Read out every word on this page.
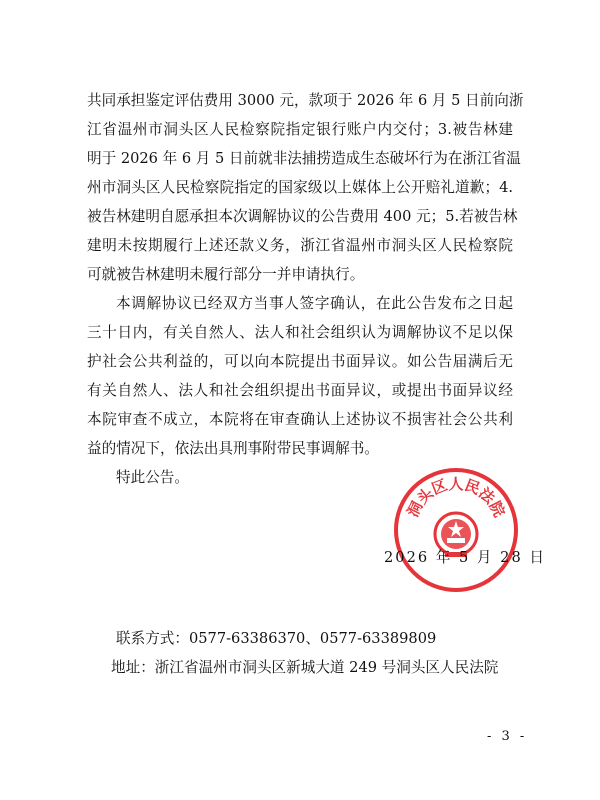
共同承担鉴定评估费用 3000 元，款项于 2026 年 6 月 5 日前向浙
江省温州市洞头区人民检察院指定银行账户内交付；3.被告林建
明于 2026 年 6 月 5 日前就非法捕捞造成生态破坏行为在浙江省温
州市洞头区人民检察院指定的国家级以上媒体上公开赔礼道歉；4.
被告林建明自愿承担本次调解协议的公告费用 400 元；5.若被告林
建明未按期履行上述还款义务，浙江省温州市洞头区人民检察院
可就被告林建明未履行部分一并申请执行。
本调解协议已经双方当事人签字确认，在此公告发布之日起
三十日内，有关自然人、法人和社会组织认为调解协议不足以保
护社会公共利益的，可以向本院提出书面异议。如公告届满后无
有关自然人、法人和社会组织提出书面异议，或提出书面异议经
本院审查不成立，本院将在审查确认上述协议不损害社会公共利
益的情况下，依法出具刑事附带民事调解书。
特此公告。
洞头区人民法院
2026 年 5 月 28 日
联系方式：0577-63386370、0577-63389809
地址：浙江省温州市洞头区新城大道 249 号洞头区人民法院
- 3 -
